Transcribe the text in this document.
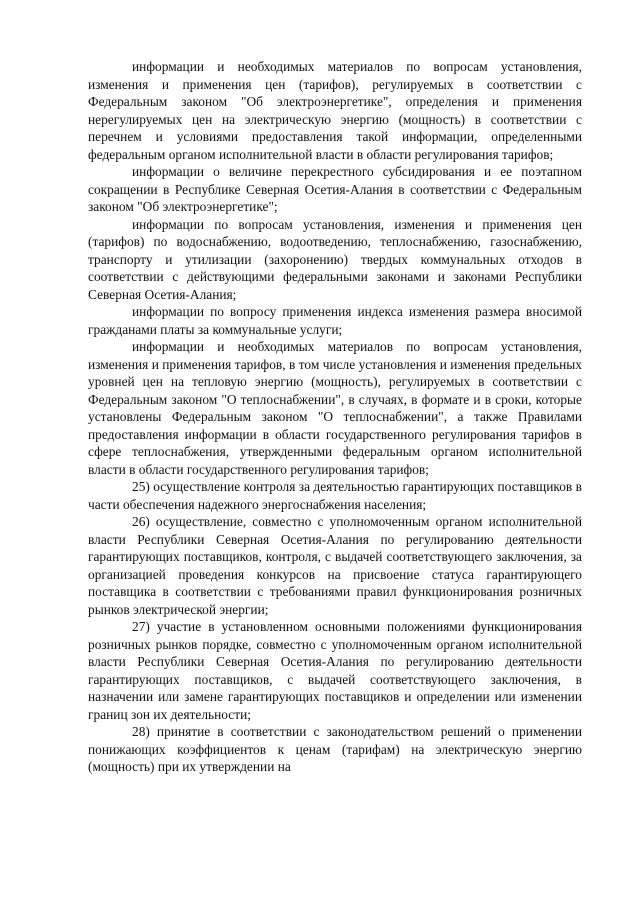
информации и необходимых материалов по вопросам установления, изменения и применения цен (тарифов), регулируемых в соответствии с Федеральным законом "Об электроэнергетике", определения и применения нерегулируемых цен на электрическую энергию (мощность) в соответствии с перечнем и условиями предоставления такой информации, определенными федеральным органом исполнительной власти в области регулирования тарифов;

информации о величине перекрестного субсидирования и ее поэтапном сокращении в Республике Северная Осетия-Алания в соответствии с Федеральным законом "Об электроэнергетике";

информации по вопросам установления, изменения и применения цен (тарифов) по водоснабжению, водоотведению, теплоснабжению, газоснабжению, транспорту и утилизации (захоронению) твердых коммунальных отходов в соответствии с действующими федеральными законами и законами Республики Северная Осетия-Алания;

информации по вопросу применения индекса изменения размера вносимой гражданами платы за коммунальные услуги;

информации и необходимых материалов по вопросам установления, изменения и применения тарифов, в том числе установления и изменения предельных уровней цен на тепловую энергию (мощность), регулируемых в соответствии с Федеральным законом "О теплоснабжении", в случаях, в формате и в сроки, которые установлены Федеральным законом "О теплоснабжении", а также Правилами предоставления информации в области государственного регулирования тарифов в сфере теплоснабжения, утвержденными федеральным органом исполнительной власти в области государственного регулирования тарифов;

25) осуществление контроля за деятельностью гарантирующих поставщиков в части обеспечения надежного энергоснабжения населения;

26) осуществление, совместно с уполномоченным органом исполнительной власти Республики Северная Осетия-Алания по регулированию деятельности гарантирующих поставщиков, контроля, с выдачей соответствующего заключения, за организацией проведения конкурсов на присвоение статуса гарантирующего поставщика в соответствии с требованиями правил функционирования розничных рынков электрической энергии;

27) участие в установленном основными положениями функционирования розничных рынков порядке, совместно с уполномоченным органом исполнительной власти Республики Северная Осетия-Алания по регулированию деятельности гарантирующих поставщиков, с выдачей соответствующего заключения, в назначении или замене гарантирующих поставщиков и определении или изменении границ зон их деятельности;

28) принятие в соответствии с законодательством решений о применении понижающих коэффициентов к ценам (тарифам) на электрическую энергию (мощность) при их утверждении на
